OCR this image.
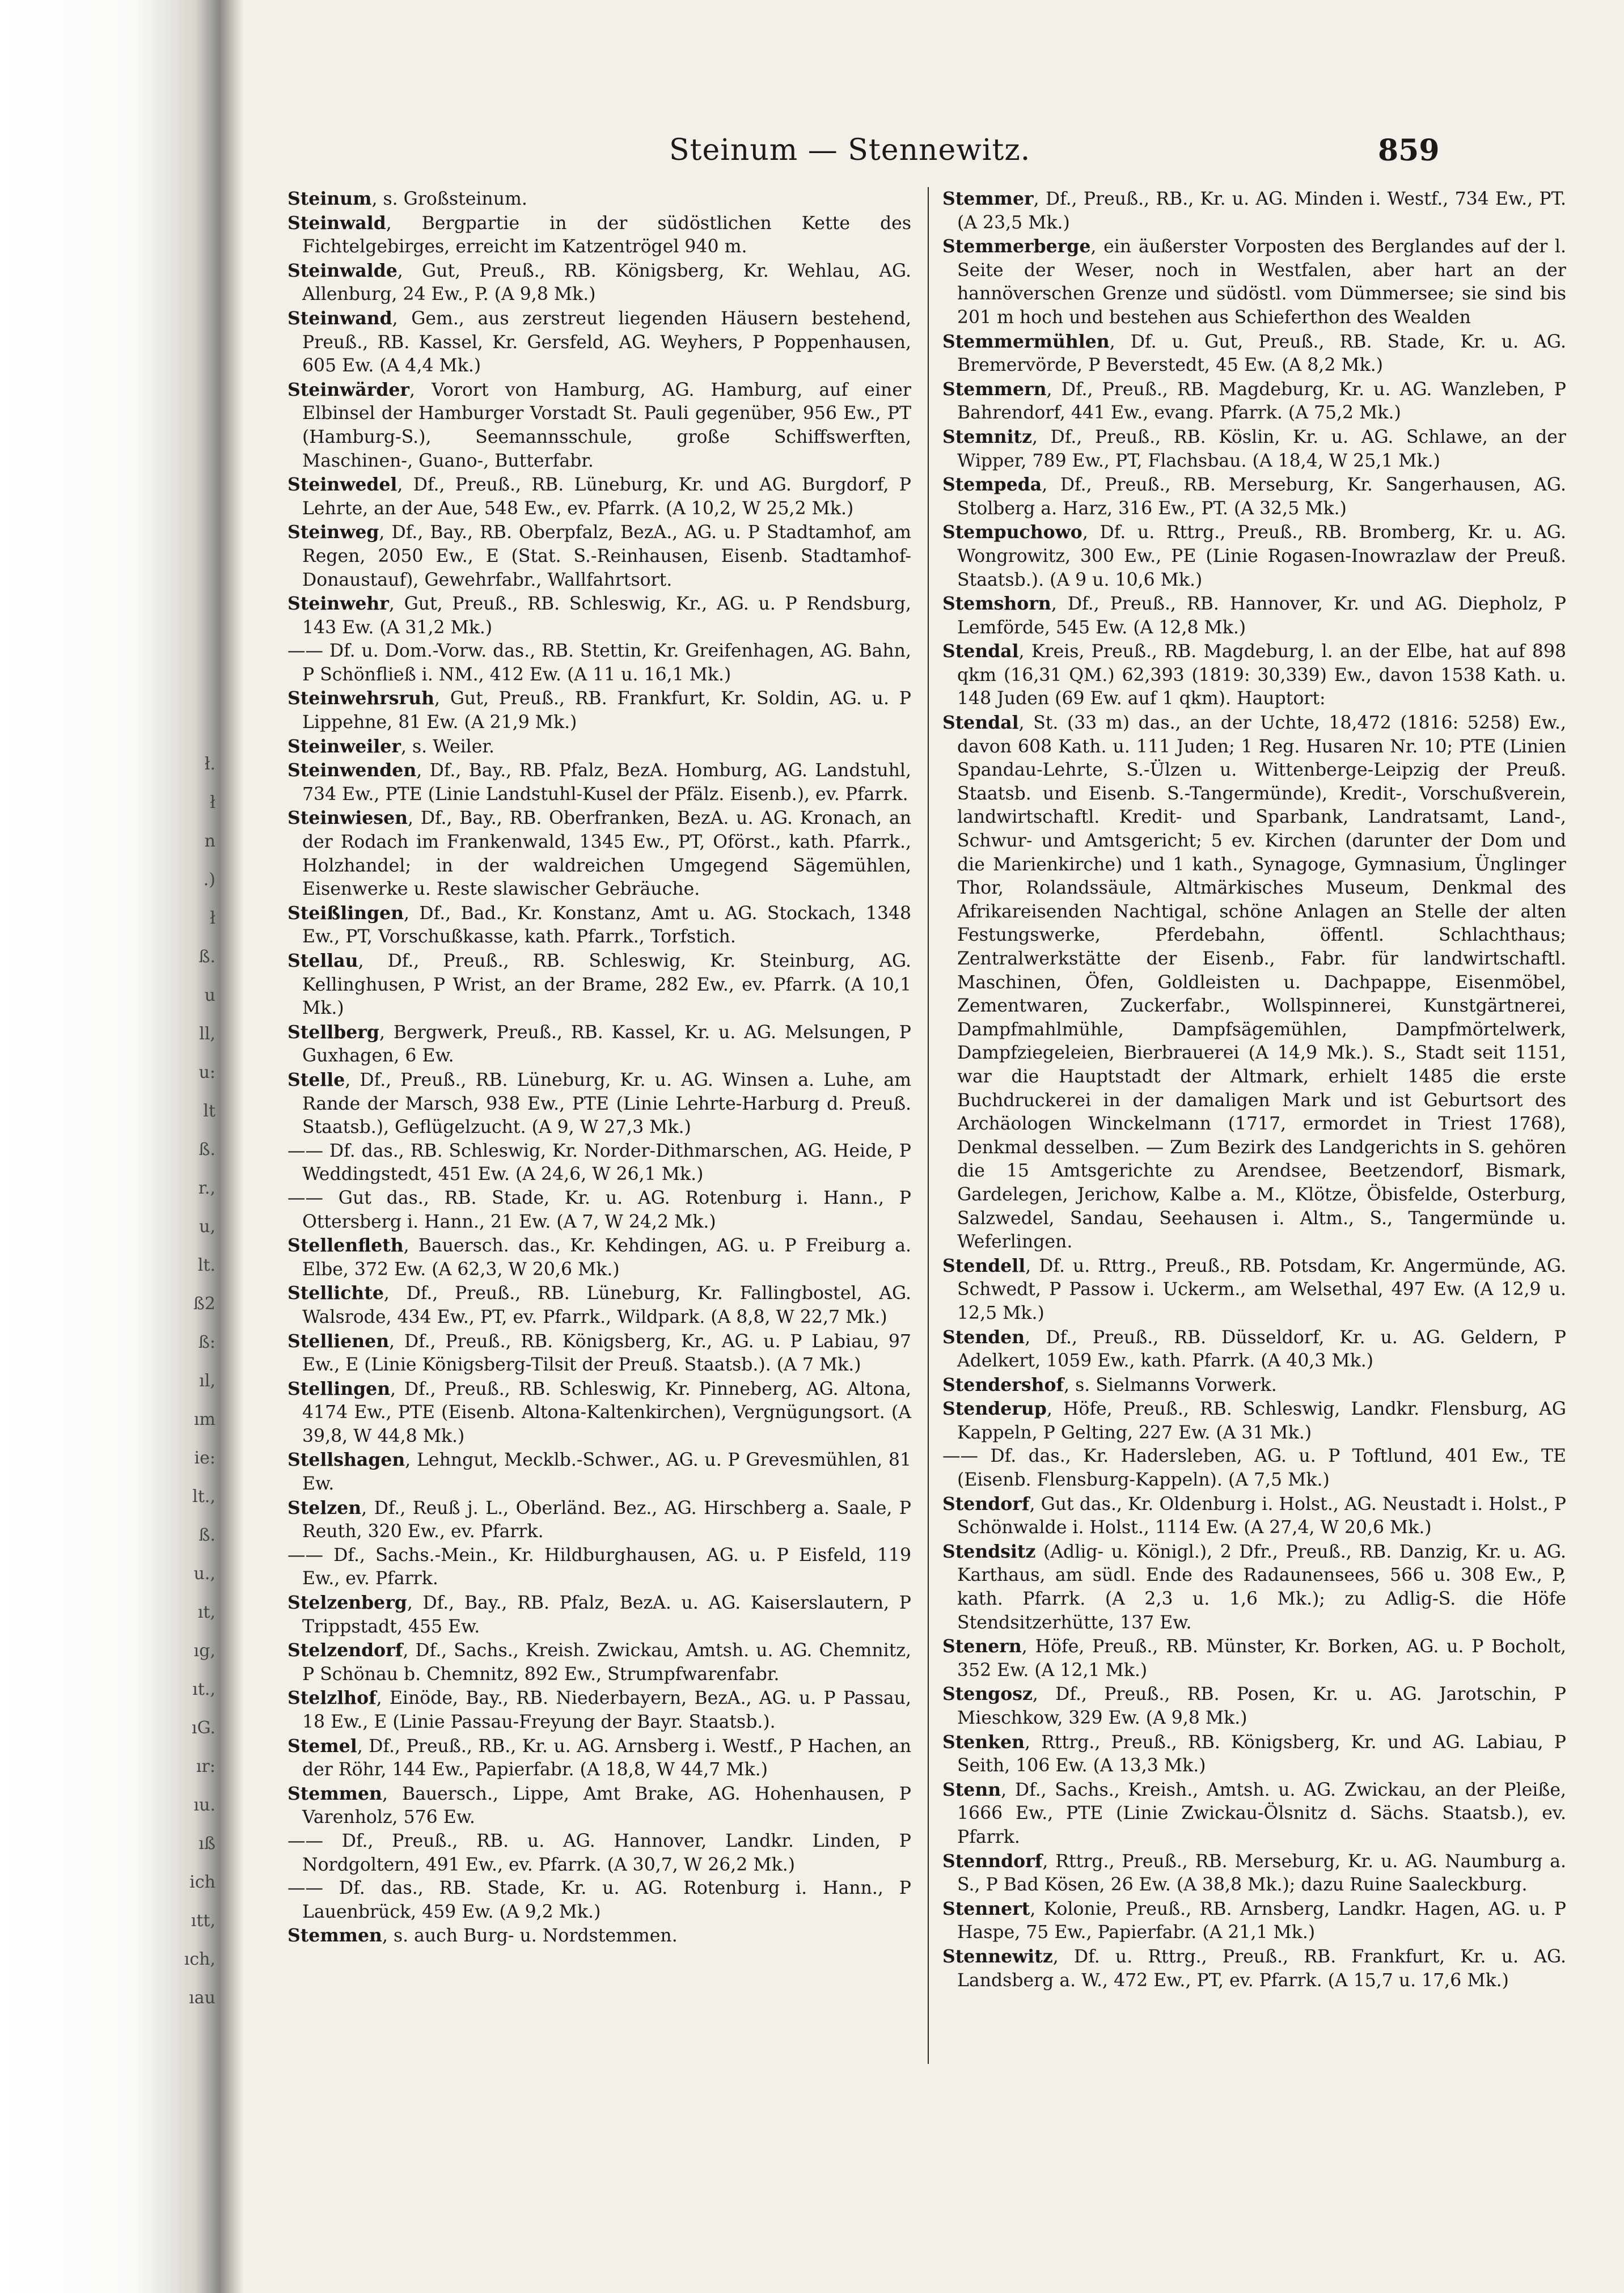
ł.
ł
n
.)
ł
ß.
u
ll,
u:
lt
ß.
r.,
u,
lt.
ß2
ß:
ıl,
ım
ie:
lt.,
ß.
u.,
ıt,
ıg,
ıt.,
ıG.
ır:
ıu.
ıß
ich
ıtt,
ıch,
ıau
Steinum — Stennewitz.	859

Steinum, s. Großsteinum.

Steinwald, Bergpartie in der südöstlichen Kette des Fichtelgebirges, erreicht im Katzentrögel 940 m.

Steinwalde, Gut, Preuß., RB. Königsberg, Kr. Wehlau, AG. Allenburg, 24 Ew., P. (A 9,8 Mk.)

Steinwand, Gem., aus zerstreut liegenden Häusern bestehend, Preuß., RB. Kassel, Kr. Gersfeld, AG. Weyhers, P Poppenhausen, 605 Ew. (A 4,4 Mk.)

Steinwärder, Vorort von Hamburg, AG. Hamburg, auf einer Elbinsel der Hamburger Vorstadt St. Pauli gegenüber, 956 Ew., PT (Hamburg-S.), Seemannsschule, große Schiffswerften, Maschinen-, Guano-, Butterfabr.

Steinwedel, Df., Preuß., RB. Lüneburg, Kr. und AG. Burgdorf, P Lehrte, an der Aue, 548 Ew., ev. Pfarrk. (A 10,2, W 25,2 Mk.)

Steinweg, Df., Bay., RB. Oberpfalz, BezA., AG. u. P Stadtamhof, am Regen, 2050 Ew., E (Stat. S.-Reinhausen, Eisenb. Stadtamhof-Donaustauf), Gewehrfabr., Wallfahrtsort.

Steinwehr, Gut, Preuß., RB. Schleswig, Kr., AG. u. P Rendsburg, 143 Ew. (A 31,2 Mk.)

—— Df. u. Dom.-Vorw. das., RB. Stettin, Kr. Greifenhagen, AG. Bahn, P Schönfließ i. NM., 412 Ew. (A 11 u. 16,1 Mk.)

Steinwehrsruh, Gut, Preuß., RB. Frankfurt, Kr. Soldin, AG. u. P Lippehne, 81 Ew. (A 21,9 Mk.)

Steinweiler, s. Weiler.

Steinwenden, Df., Bay., RB. Pfalz, BezA. Homburg, AG. Landstuhl, 734 Ew., PTE (Linie Landstuhl-Kusel der Pfälz. Eisenb.), ev. Pfarrk.

Steinwiesen, Df., Bay., RB. Oberfranken, BezA. u. AG. Kronach, an der Rodach im Frankenwald, 1345 Ew., PT, Oförst., kath. Pfarrk., Holzhandel; in der waldreichen Umgegend Sägemühlen, Eisenwerke u. Reste slawischer Gebräuche.

Steißlingen, Df., Bad., Kr. Konstanz, Amt u. AG. Stockach, 1348 Ew., PT, Vorschußkasse, kath. Pfarrk., Torfstich.

Stellau, Df., Preuß., RB. Schleswig, Kr. Steinburg, AG. Kellinghusen, P Wrist, an der Brame, 282 Ew., ev. Pfarrk. (A 10,1 Mk.)

Stellberg, Bergwerk, Preuß., RB. Kassel, Kr. u. AG. Melsungen, P Guxhagen, 6 Ew.

Stelle, Df., Preuß., RB. Lüneburg, Kr. u. AG. Winsen a. Luhe, am Rande der Marsch, 938 Ew., PTE (Linie Lehrte-Harburg d. Preuß. Staatsb.), Geflügelzucht. (A 9, W 27,3 Mk.)

—— Df. das., RB. Schleswig, Kr. Norder-Dithmarschen, AG. Heide, P Weddingstedt, 451 Ew. (A 24,6, W 26,1 Mk.)

—— Gut das., RB. Stade, Kr. u. AG. Rotenburg i. Hann., P Ottersberg i. Hann., 21 Ew. (A 7, W 24,2 Mk.)

Stellenfleth, Bauersch. das., Kr. Kehdingen, AG. u. P Freiburg a. Elbe, 372 Ew. (A 62,3, W 20,6 Mk.)

Stellichte, Df., Preuß., RB. Lüneburg, Kr. Fallingbostel, AG. Walsrode, 434 Ew., PT, ev. Pfarrk., Wildpark. (A 8,8, W 22,7 Mk.)

Stellienen, Df., Preuß., RB. Königsberg, Kr., AG. u. P Labiau, 97 Ew., E (Linie Königsberg-Tilsit der Preuß. Staatsb.). (A 7 Mk.)

Stellingen, Df., Preuß., RB. Schleswig, Kr. Pinneberg, AG. Altona, 4174 Ew., PTE (Eisenb. Altona-Kaltenkirchen), Vergnügungsort. (A 39,8, W 44,8 Mk.)

Stellshagen, Lehngut, Mecklb.-Schwer., AG. u. P Grevesmühlen, 81 Ew.

Stelzen, Df., Reuß j. L., Oberländ. Bez., AG. Hirschberg a. Saale, P Reuth, 320 Ew., ev. Pfarrk.

—— Df., Sachs.-Mein., Kr. Hildburghausen, AG. u. P Eisfeld, 119 Ew., ev. Pfarrk.

Stelzenberg, Df., Bay., RB. Pfalz, BezA. u. AG. Kaiserslautern, P Trippstadt, 455 Ew.

Stelzendorf, Df., Sachs., Kreish. Zwickau, Amtsh. u. AG. Chemnitz, P Schönau b. Chemnitz, 892 Ew., Strumpfwarenfabr.

Stelzlhof, Einöde, Bay., RB. Niederbayern, BezA., AG. u. P Passau, 18 Ew., E (Linie Passau-Freyung der Bayr. Staatsb.).

Stemel, Df., Preuß., RB., Kr. u. AG. Arnsberg i. Westf., P Hachen, an der Röhr, 144 Ew., Papierfabr. (A 18,8, W 44,7 Mk.)

Stemmen, Bauersch., Lippe, Amt Brake, AG. Hohenhausen, P Varenholz, 576 Ew.

—— Df., Preuß., RB. u. AG. Hannover, Landkr. Linden, P Nordgoltern, 491 Ew., ev. Pfarrk. (A 30,7, W 26,2 Mk.)

—— Df. das., RB. Stade, Kr. u. AG. Rotenburg i. Hann., P Lauenbrück, 459 Ew. (A 9,2 Mk.)

Stemmen, s. auch Burg- u. Nordstemmen.

Stemmer, Df., Preuß., RB., Kr. u. AG. Minden i. Westf., 734 Ew., PT. (A 23,5 Mk.)

Stemmerberge, ein äußerster Vorposten des Berglandes auf der l. Seite der Weser, noch in Westfalen, aber hart an der hannöverschen Grenze und südöstl. vom Dümmersee; sie sind bis 201 m hoch und bestehen aus Schieferthon des Wealden

Stemmermühlen, Df. u. Gut, Preuß., RB. Stade, Kr. u. AG. Bremervörde, P Beverstedt, 45 Ew. (A 8,2 Mk.)

Stemmern, Df., Preuß., RB. Magdeburg, Kr. u. AG. Wanzleben, P Bahrendorf, 441 Ew., evang. Pfarrk. (A 75,2 Mk.)

Stemnitz, Df., Preuß., RB. Köslin, Kr. u. AG. Schlawe, an der Wipper, 789 Ew., PT, Flachsbau. (A 18,4, W 25,1 Mk.)

Stempeda, Df., Preuß., RB. Merseburg, Kr. Sangerhausen, AG. Stolberg a. Harz, 316 Ew., PT. (A 32,5 Mk.)

Stempuchowo, Df. u. Rttrg., Preuß., RB. Bromberg, Kr. u. AG. Wongrowitz, 300 Ew., PE (Linie Rogasen-Inowrazlaw der Preuß. Staatsb.). (A 9 u. 10,6 Mk.)

Stemshorn, Df., Preuß., RB. Hannover, Kr. und AG. Diepholz, P Lemförde, 545 Ew. (A 12,8 Mk.)

Stendal, Kreis, Preuß., RB. Magdeburg, l. an der Elbe, hat auf 898 qkm (16,31 QM.) 62,393 (1819: 30,339) Ew., davon 1538 Kath. u. 148 Juden (69 Ew. auf 1 qkm). Hauptort:

Stendal, St. (33 m) das., an der Uchte, 18,472 (1816: 5258) Ew., davon 608 Kath. u. 111 Juden; 1 Reg. Husaren Nr. 10; PTE (Linien Spandau-Lehrte, S.-Ülzen u. Wittenberge-Leipzig der Preuß. Staatsb. und Eisenb. S.-Tangermünde), Kredit-, Vorschußverein, landwirtschaftl. Kredit- und Sparbank, Landratsamt, Land-, Schwur- und Amtsgericht; 5 ev. Kirchen (darunter der Dom und die Marienkirche) und 1 kath., Synagoge, Gymnasium, Ünglinger Thor, Rolandssäule, Altmärkisches Museum, Denkmal des Afrikareisenden Nachtigal, schöne Anlagen an Stelle der alten Festungswerke, Pferdebahn, öffentl. Schlachthaus; Zentralwerkstätte der Eisenb., Fabr. für landwirtschaftl. Maschinen, Öfen, Goldleisten u. Dachpappe, Eisenmöbel, Zementwaren, Zuckerfabr., Wollspinnerei, Kunstgärtnerei, Dampfmahlmühle, Dampfsägemühlen, Dampfmörtelwerk, Dampfziegeleien, Bierbrauerei (A 14,9 Mk.). S., Stadt seit 1151, war die Hauptstadt der Altmark, erhielt 1485 die erste Buchdruckerei in der damaligen Mark und ist Geburtsort des Archäologen Winckelmann (1717, ermordet in Triest 1768), Denkmal desselben. — Zum Bezirk des Landgerichts in S. gehören die 15 Amtsgerichte zu Arendsee, Beetzendorf, Bismark, Gardelegen, Jerichow, Kalbe a. M., Klötze, Öbisfelde, Osterburg, Salzwedel, Sandau, Seehausen i. Altm., S., Tangermünde u. Weferlingen.

Stendell, Df. u. Rttrg., Preuß., RB. Potsdam, Kr. Angermünde, AG. Schwedt, P Passow i. Uckerm., am Welsethal, 497 Ew. (A 12,9 u. 12,5 Mk.)

Stenden, Df., Preuß., RB. Düsseldorf, Kr. u. AG. Geldern, P Adelkert, 1059 Ew., kath. Pfarrk. (A 40,3 Mk.)

Stendershof, s. Sielmanns Vorwerk.

Stenderup, Höfe, Preuß., RB. Schleswig, Landkr. Flensburg, AG Kappeln, P Gelting, 227 Ew. (A 31 Mk.)

—— Df. das., Kr. Hadersleben, AG. u. P Toftlund, 401 Ew., TE (Eisenb. Flensburg-Kappeln). (A 7,5 Mk.)

Stendorf, Gut das., Kr. Oldenburg i. Holst., AG. Neustadt i. Holst., P Schönwalde i. Holst., 1114 Ew. (A 27,4, W 20,6 Mk.)

Stendsitz (Adlig- u. Königl.), 2 Dfr., Preuß., RB. Danzig, Kr. u. AG. Karthaus, am südl. Ende des Radaunensees, 566 u. 308 Ew., P, kath. Pfarrk. (A 2,3 u. 1,6 Mk.); zu Adlig-S. die Höfe Stendsitzerhütte, 137 Ew.

Stenern, Höfe, Preuß., RB. Münster, Kr. Borken, AG. u. P Bocholt, 352 Ew. (A 12,1 Mk.)

Stengosz, Df., Preuß., RB. Posen, Kr. u. AG. Jarotschin, P Mieschkow, 329 Ew. (A 9,8 Mk.)

Stenken, Rttrg., Preuß., RB. Königsberg, Kr. und AG. Labiau, P Seith, 106 Ew. (A 13,3 Mk.)

Stenn, Df., Sachs., Kreish., Amtsh. u. AG. Zwickau, an der Pleiße, 1666 Ew., PTE (Linie Zwickau-Ölsnitz d. Sächs. Staatsb.), ev. Pfarrk.

Stenndorf, Rttrg., Preuß., RB. Merseburg, Kr. u. AG. Naumburg a. S., P Bad Kösen, 26 Ew. (A 38,8 Mk.); dazu Ruine Saaleckburg.

Stennert, Kolonie, Preuß., RB. Arnsberg, Landkr. Hagen, AG. u. P Haspe, 75 Ew., Papierfabr. (A 21,1 Mk.)

Stennewitz, Df. u. Rttrg., Preuß., RB. Frankfurt, Kr. u. AG. Landsberg a. W., 472 Ew., PT, ev. Pfarrk. (A 15,7 u. 17,6 Mk.)
